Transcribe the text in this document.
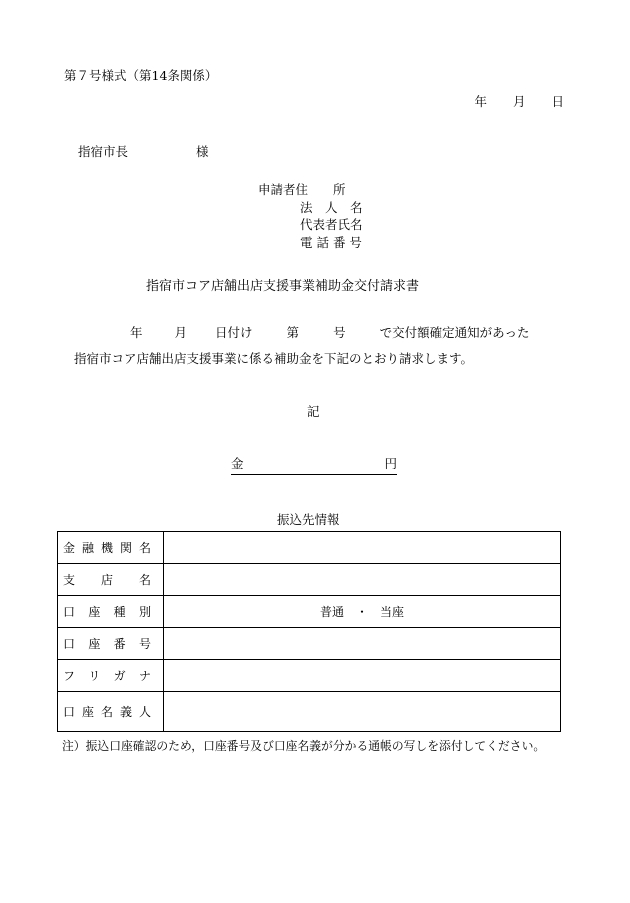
第７号様式（第14条関係）
年 月 日
指宿市長	様
申請者住　　所
法　人　名
代表者氏名
電 話 番 号
指宿市コア店舗出店支援事業補助金交付請求書
年	月 日付け	第	号	で交付額確定通知があった
指宿市コア店舗出店支援事業に係る補助金を下記のとおり請求します。
記
金
	円
振込先情報
金 融 機 関 名	

支 店 名	

口 座 種 別	普通 ・ 当座

口 座 番 号	

フ リ ガ ナ	

口 座 名 義 人	

注）振込口座確認のため，口座番号及び口座名義が分かる通帳の写しを添付してください。
